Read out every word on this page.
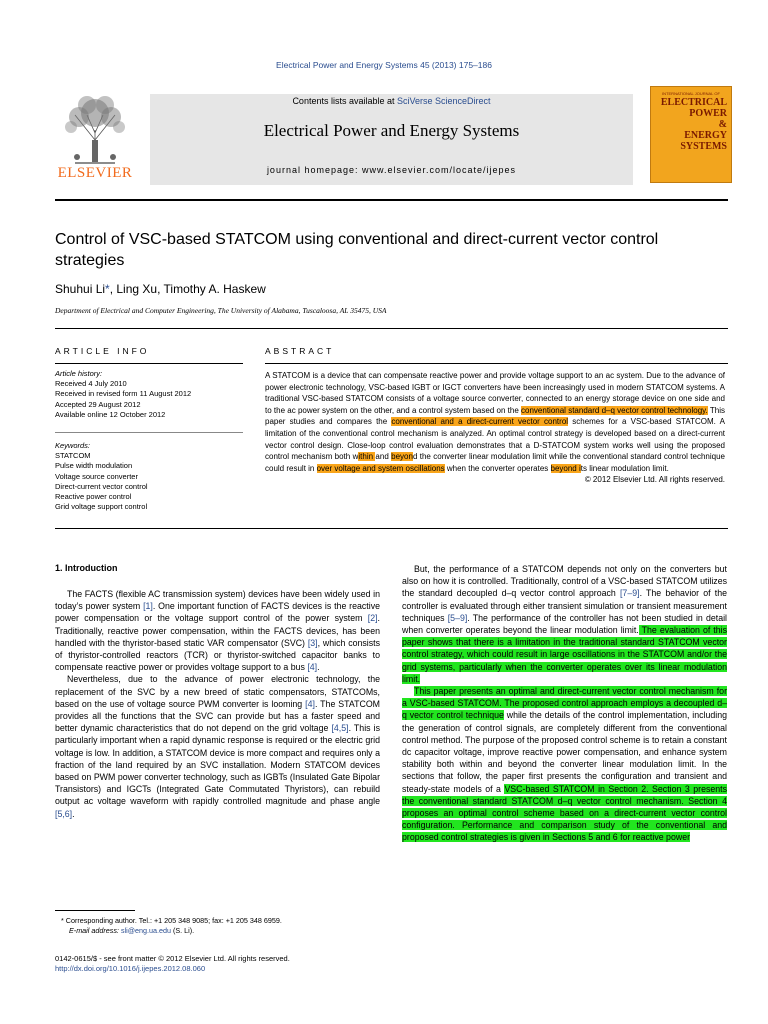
Electrical Power and Energy Systems 45 (2013) 175–186
Contents lists available at SciVerse ScienceDirect
Electrical Power and Energy Systems
journal homepage: www.elsevier.com/locate/ijepes
ELSEVIER
INTERNATIONAL JOURNAL OF
ELECTRICAL
POWER
&
ENERGY
SYSTEMS
Control of VSC-based STATCOM using conventional and direct-current vector control strategies
Shuhui Li*, Ling Xu, Timothy A. Haskew
Department of Electrical and Computer Engineering, The University of Alabama, Tuscaloosa, AL 35475, USA
ARTICLE INFO
Article history:
Received 4 July 2010
Received in revised form 11 August 2012
Accepted 29 August 2012
Available online 12 October 2012
Keywords:
STATCOM
Pulse width modulation
Voltage source converter
Direct-current vector control
Reactive power control
Grid voltage support control
ABSTRACT
A STATCOM is a device that can compensate reactive power and provide voltage support to an ac system. Due to the advance of power electronic technology, VSC-based IGBT or IGCT converters have been increasingly used in modern STATCOM systems. A traditional VSC-based STATCOM consists of a voltage source converter, connected to an energy storage device on one side and to the ac power system on the other, and a control system based on the conventional standard d–q vector control technology. This paper studies and compares the conventional and a direct-current vector control schemes for a VSC-based STATCOM. A limitation of the conventional control mechanism is analyzed. An optimal control strategy is developed based on a direct-current vector control design. Close-loop control evaluation demonstrates that a D-STATCOM system works well using the proposed control mechanism both within and beyond the converter linear modulation limit while the conventional standard control technique could result in over voltage and system oscillations when the converter operates beyond its linear modulation limit.
© 2012 Elsevier Ltd. All rights reserved.
1. Introduction

The FACTS (flexible AC transmission system) devices have been widely used in today’s power system [1]. One important function of FACTS devices is the reactive power compensation or the voltage support control of the power system [2]. Traditionally, reactive power compensation, within the FACTS devices, has been handled with the thyristor-based static VAR compensator (SVC) [3], which consists of thyristor-controlled reactors (TCR) or thyristor-switched capacitor banks to compensate reactive power or provides voltage support to a bus [4].

Nevertheless, due to the advance of power electronic technology, the replacement of the SVC by a new breed of static compensators, STATCOMs, based on the use of voltage source PWM converter is looming [4]. The STATCOM provides all the functions that the SVC can provide but has a faster speed and better dynamic characteristics that do not depend on the grid voltage [4,5]. This is particularly important when a rapid dynamic response is required or the electric grid voltage is low. In addition, a STATCOM device is more compact and requires only a fraction of the land required by an SVC installation. Modern STATCOM devices based on PWM power converter technology, such as IGBTs (Insulated Gate Bipolar Transistors) and IGCTs (Integrated Gate Commutated Thyristors), can rebuild output ac voltage waveform with rapidly controlled magnitude and phase angle [5,6].

* Corresponding author. Tel.: +1 205 348 9085; fax: +1 205 348 6959.
E-mail address: sli@eng.ua.edu (S. Li).

But, the performance of a STATCOM depends not only on the converters but also on how it is controlled. Traditionally, control of a VSC-based STATCOM utilizes the standard decoupled d–q vector control approach [7–9]. The behavior of the controller is evaluated through either transient simulation or transient measurement techniques [5–9]. The performance of the controller has not been studied in detail when converter operates beyond the linear modulation limit. The evaluation of this paper shows that there is a limitation in the traditional standard STATCOM vector control strategy, which could result in large oscillations in the STATCOM and/or the grid systems, particularly when the converter operates over its linear modulation limit.

This paper presents an optimal and direct-current vector control mechanism for a VSC-based STATCOM. The proposed control approach employs a decoupled d–q vector control technique while the details of the control implementation, including the generation of control signals, are completely different from the conventional control method. The purpose of the proposed control scheme is to retain a constant dc capacitor voltage, improve reactive power compensation, and enhance system stability both within and beyond the converter linear modulation limit. In the sections that follow, the paper first presents the configuration and transient and steady-state models of a VSC-based STATCOM in Section 2. Section 3 presents the conventional standard STATCOM d–q vector control mechanism. Section 4 proposes an optimal control scheme based on a direct-current vector control configuration. Performance and comparison study of the conventional and proposed control strategies is given in Sections 5 and 6 for reactive power

0142-0615/$ - see front matter © 2012 Elsevier Ltd. All rights reserved.
http://dx.doi.org/10.1016/j.ijepes.2012.08.060
